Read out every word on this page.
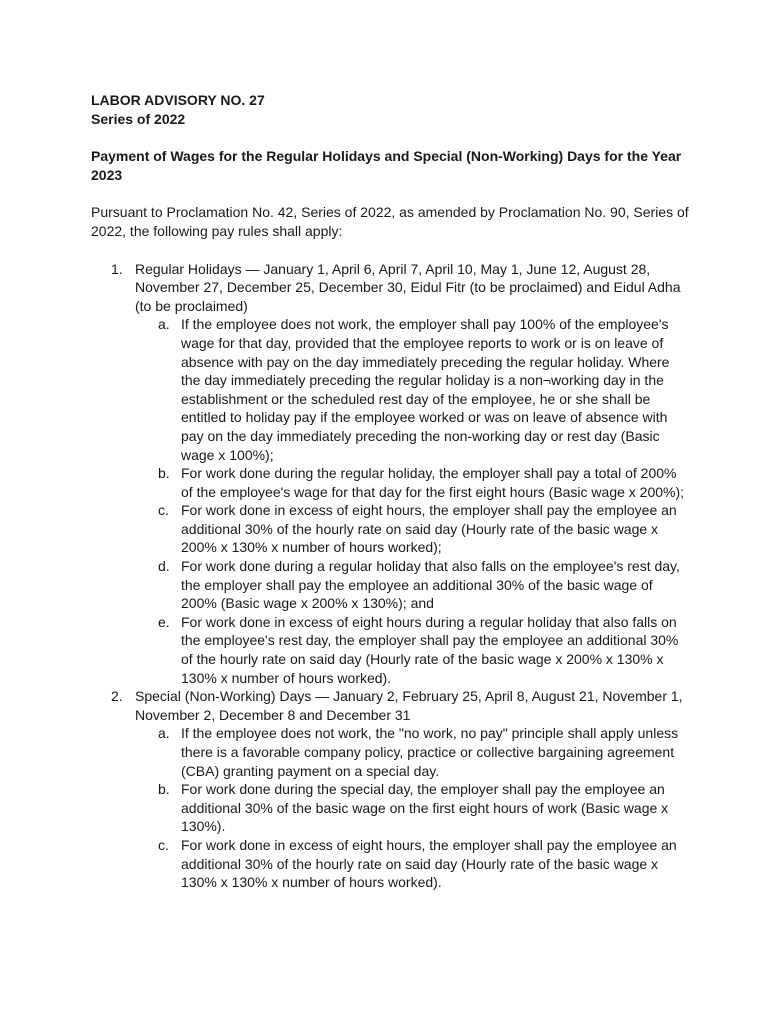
LABOR ADVISORY NO. 27
Series of 2022

Payment of Wages for the Regular Holidays and Special (Non-Working) Days for the Year 2023

Pursuant to Proclamation No. 42, Series of 2022, as amended by Proclamation No. 90, Series of 2022, the following pay rules shall apply:

1. Regular Holidays — January 1, April 6, April 7, April 10, May 1, June 12, August 28, November 27, December 25, December 30, Eidul Fitr (to be proclaimed) and Eidul Adha (to be proclaimed)
a. If the employee does not work, the employer shall pay 100% of the employee's wage for that day, provided that the employee reports to work or is on leave of absence with pay on the day immediately preceding the regular holiday. Where the day immediately preceding the regular holiday is a non¬working day in the establishment or the scheduled rest day of the employee, he or she shall be entitled to holiday pay if the employee worked or was on leave of absence with pay on the day immediately preceding the non-working day or rest day (Basic wage x 100%);
b. For work done during the regular holiday, the employer shall pay a total of 200% of the employee's wage for that day for the first eight hours (Basic wage x 200%);
c. For work done in excess of eight hours, the employer shall pay the employee an additional 30% of the hourly rate on said day (Hourly rate of the basic wage x 200% x 130% x number of hours worked);
d. For work done during a regular holiday that also falls on the employee's rest day, the employer shall pay the employee an additional 30% of the basic wage of 200% (Basic wage x 200% x 130%); and
e. For work done in excess of eight hours during a regular holiday that also falls on the employee's rest day, the employer shall pay the employee an additional 30% of the hourly rate on said day (Hourly rate of the basic wage x 200% x 130% x 130% x number of hours worked).
2. Special (Non-Working) Days — January 2, February 25, April 8, August 21, November 1, November 2, December 8 and December 31
a. If the employee does not work, the "no work, no pay" principle shall apply unless there is a favorable company policy, practice or collective bargaining agreement (CBA) granting payment on a special day.
b. For work done during the special day, the employer shall pay the employee an additional 30% of the basic wage on the first eight hours of work (Basic wage x 130%).
c. For work done in excess of eight hours, the employer shall pay the employee an additional 30% of the hourly rate on said day (Hourly rate of the basic wage x 130% x 130% x number of hours worked).
